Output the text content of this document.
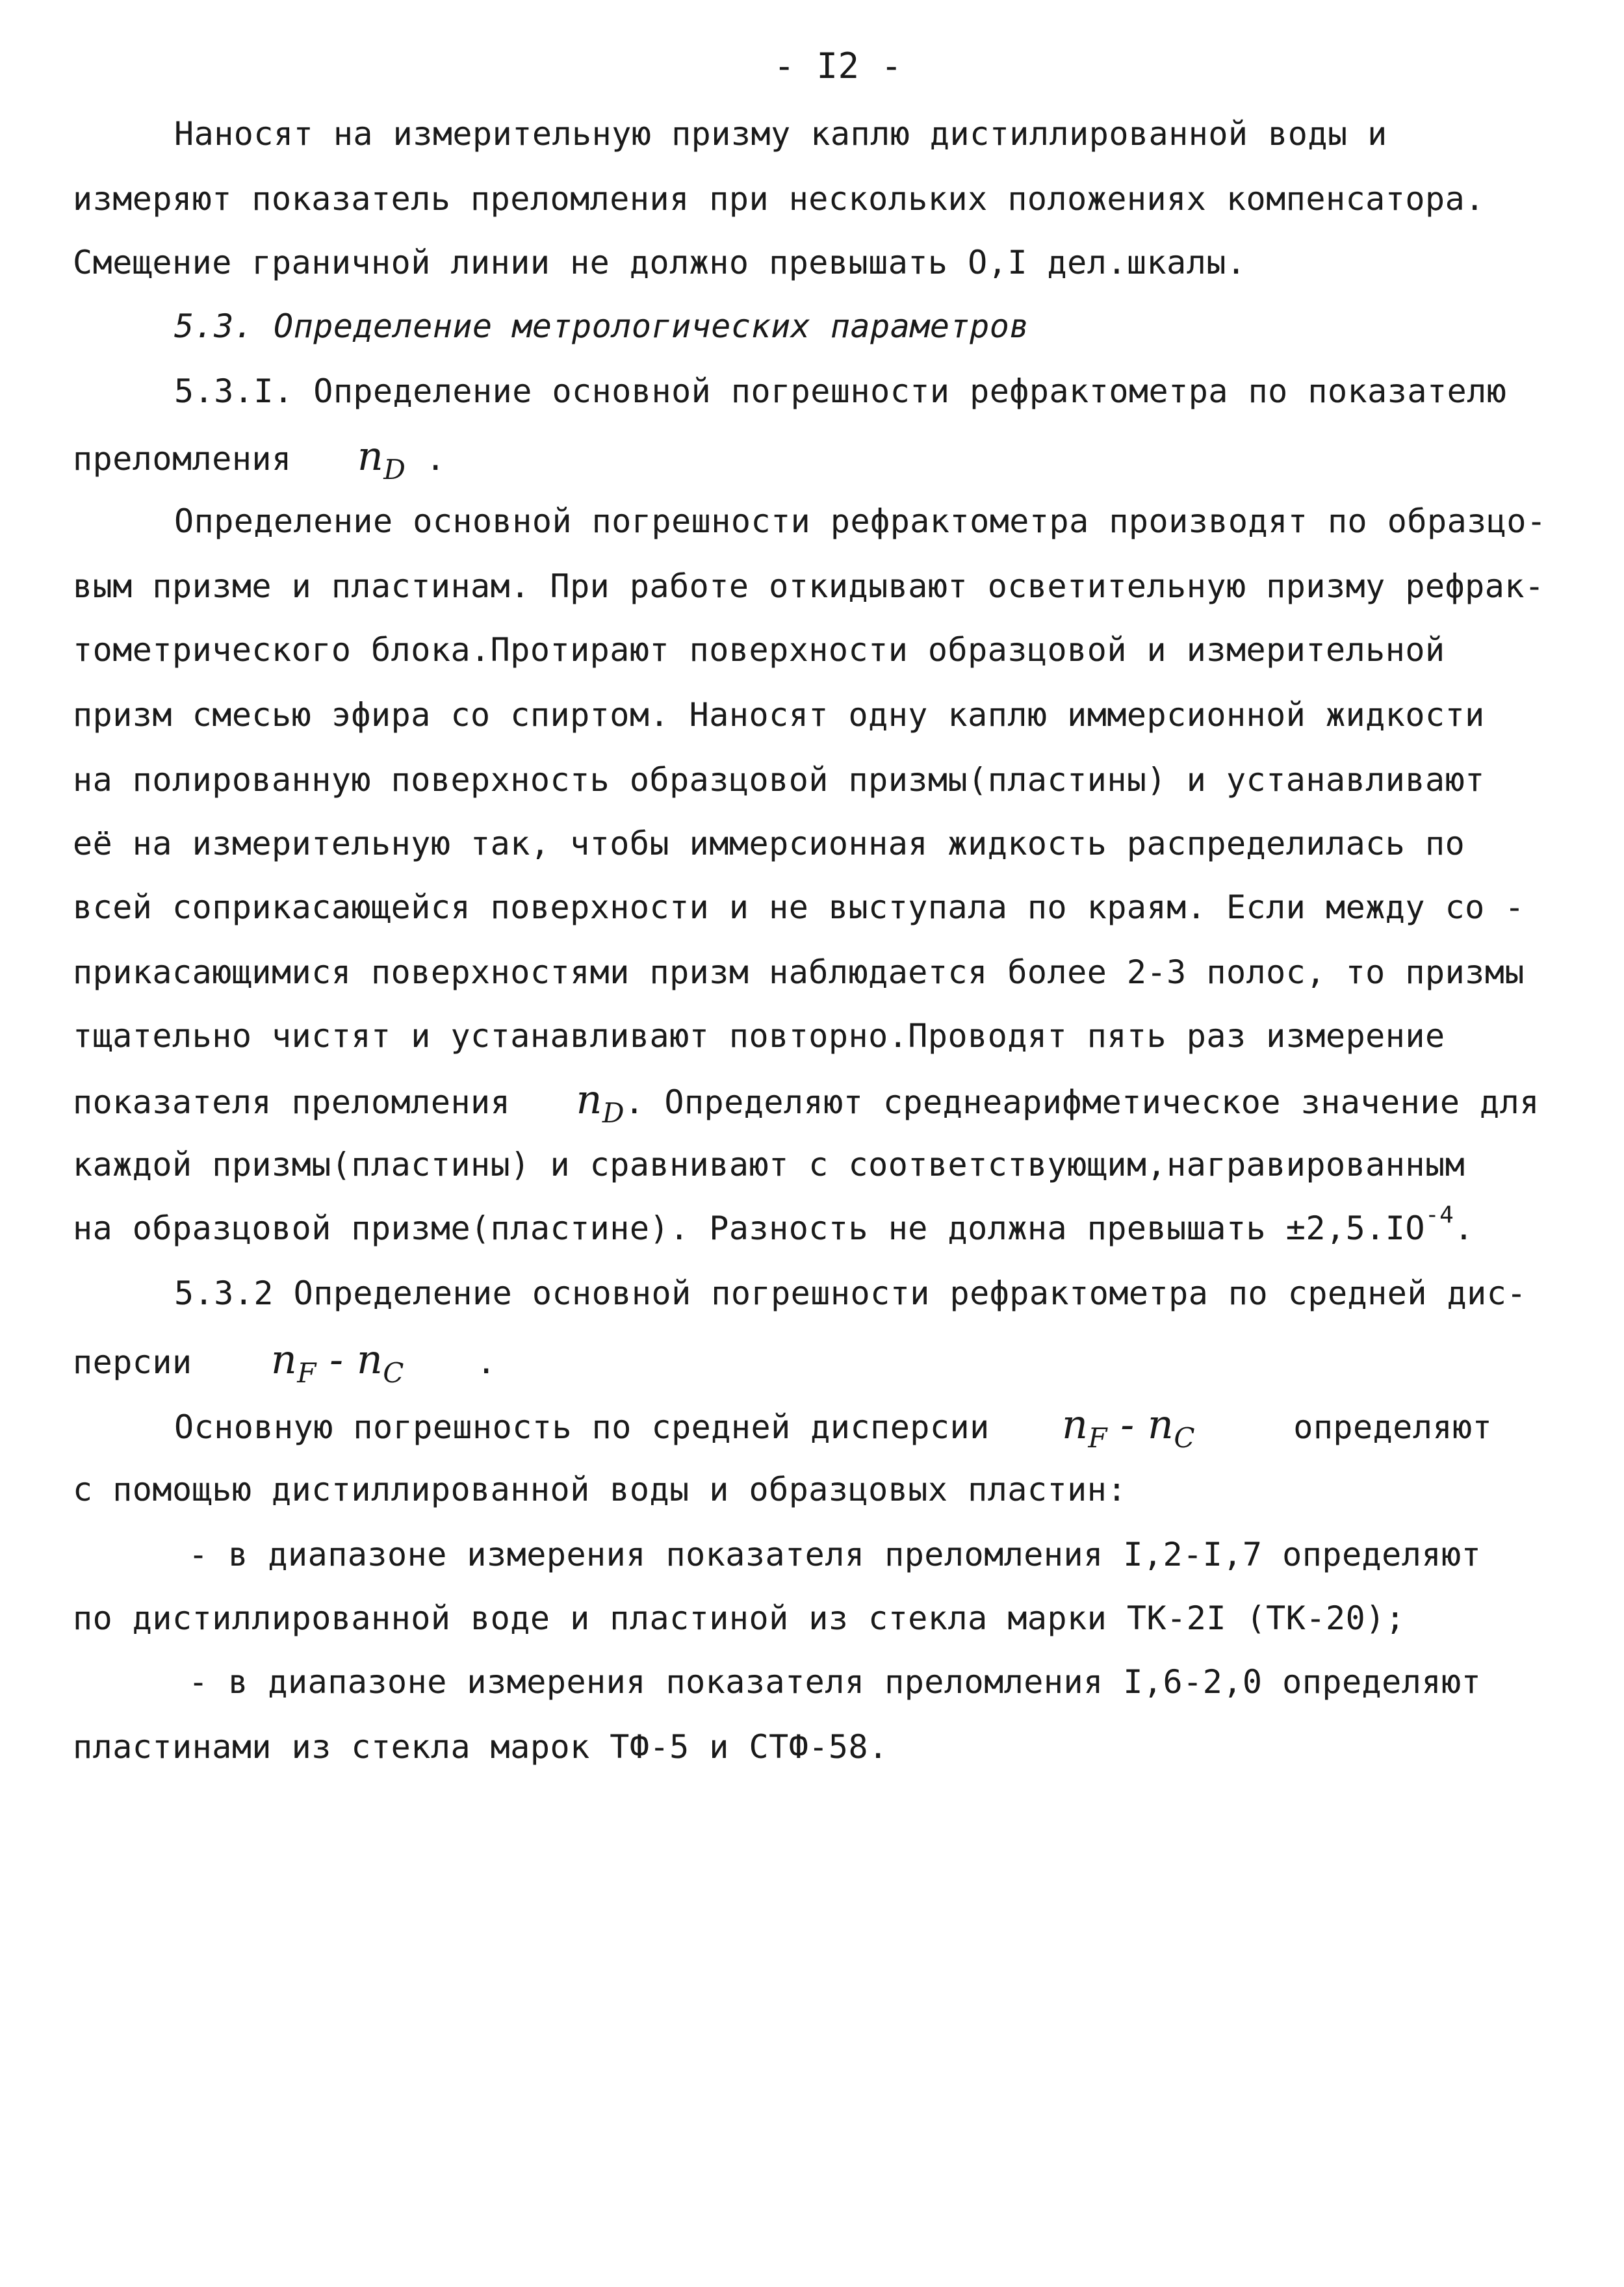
- I2 -
Наносят на измерительную призму каплю дистиллированной воды и
измеряют показатель преломления при нескольких положениях компенсатора.
Смещение граничной линии не должно превышать О,I дел.шкалы.
5.3. Определение метрологических параметров
5.3.I. Определение основной погрешности рефрактометра по показателю
преломления $n_D$ .
Определение основной погрешности рефрактометра производят по образцо-
вым призме и пластинам. При работе откидывают осветительную призму рефрак-
тометрического блока.Протирают поверхности образцовой и измерительной
призм смесью эфира со спиртом. Наносят одну каплю иммерсионной жидкости
на полированную поверхность образцовой призмы(пластины) и устанавливают
её на измерительную так, чтобы иммерсионная жидкость распределилась по
всей соприкасающейся поверхности и не выступала по краям. Если между со -
прикасающимися поверхностями призм наблюдается более 2-3 полос, то призмы
тщательно чистят и устанавливают повторно.Проводят пять раз измерение
показателя преломления $n_D$. Определяют среднеарифметическое значение для
каждой призмы(пластины) и сравнивают с соответствующим,награвированным
на образцовой призме(пластине). Разность не должна превышать $\pm 2,5.IO^{-4}$.
5.3.2 Определение основной погрешности рефрактометра по средней дис-
персии $n_F - n_C$ .
Основную погрешность по средней дисперсии $n_F - n_C$	определяют
с помощью дистиллированной воды и образцовых пластин:
- в диапазоне измерения показателя преломления I,2-I,7 определяют
по дистиллированной воде и пластиной из стекла марки ТК-2I (ТК-20);
- в диапазоне измерения показателя преломления I,6-2,0 определяют
пластинами из стекла марок ТФ-5 и СТФ-58.
